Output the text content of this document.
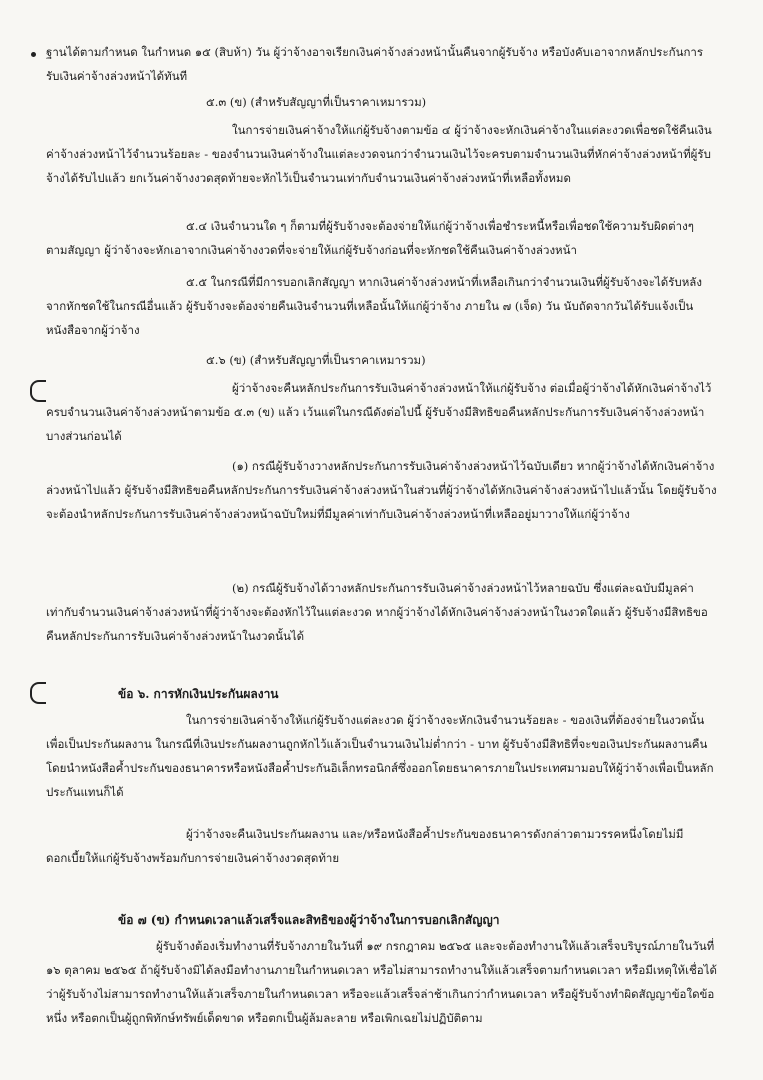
ฐานได้ตามกำหนด ในกำหนด ๑๕ (สิบห้า) วัน ผู้ว่าจ้างอาจเรียกเงินค่าจ้างล่วงหน้านั้นคืนจากผู้รับจ้าง หรือบังคับเอาจากหลักประกันการรับเงินค่าจ้างล่วงหน้าได้ทันที

๕.๓ (ข) (สำหรับสัญญาที่เป็นราคาเหมารวม)

ในการจ่ายเงินค่าจ้างให้แก่ผู้รับจ้างตามข้อ ๔ ผู้ว่าจ้างจะหักเงินค่าจ้างในแต่ละงวดเพื่อชดใช้คืนเงินค่าจ้างล่วงหน้าไว้จำนวนร้อยละ - ของจำนวนเงินค่าจ้างในแต่ละงวดจนกว่าจำนวนเงินไว้จะครบตามจำนวนเงินที่หักค่าจ้างล่วงหน้าที่ผู้รับจ้างได้รับไปแล้ว ยกเว้นค่าจ้างงวดสุดท้ายจะหักไว้เป็นจำนวนเท่ากับจำนวนเงินค่าจ้างล่วงหน้าที่เหลือทั้งหมด

๕.๔ เงินจำนวนใด ๆ ก็ตามที่ผู้รับจ้างจะต้องจ่ายให้แก่ผู้ว่าจ้างเพื่อชำระหนี้หรือเพื่อชดใช้ความรับผิดต่างๆ ตามสัญญา ผู้ว่าจ้างจะหักเอาจากเงินค่าจ้างงวดที่จะจ่ายให้แก่ผู้รับจ้างก่อนที่จะหักชดใช้คืนเงินค่าจ้างล่วงหน้า

๕.๕ ในกรณีที่มีการบอกเลิกสัญญา หากเงินค่าจ้างล่วงหน้าที่เหลือเกินกว่าจำนวนเงินที่ผู้รับจ้างจะได้รับหลังจากหักชดใช้ในกรณีอื่นแล้ว ผู้รับจ้างจะต้องจ่ายคืนเงินจำนวนที่เหลือนั้นให้แก่ผู้ว่าจ้าง ภายใน ๗ (เจ็ด) วัน นับถัดจากวันได้รับแจ้งเป็นหนังสือจากผู้ว่าจ้าง

๕.๖ (ข) (สำหรับสัญญาที่เป็นราคาเหมารวม)

ผู้ว่าจ้างจะคืนหลักประกันการรับเงินค่าจ้างล่วงหน้าให้แก่ผู้รับจ้าง ต่อเมื่อผู้ว่าจ้างได้หักเงินค่าจ้างไว้ครบจำนวนเงินค่าจ้างล่วงหน้าตามข้อ ๕.๓ (ข) แล้ว เว้นแต่ในกรณีดังต่อไปนี้ ผู้รับจ้างมีสิทธิขอคืนหลักประกันการรับเงินค่าจ้างล่วงหน้าบางส่วนก่อนได้

(๑) กรณีผู้รับจ้างวางหลักประกันการรับเงินค่าจ้างล่วงหน้าไว้ฉบับเดียว หากผู้ว่าจ้างได้หักเงินค่าจ้างล่วงหน้าไปแล้ว ผู้รับจ้างมีสิทธิขอคืนหลักประกันการรับเงินค่าจ้างล่วงหน้าในส่วนที่ผู้ว่าจ้างได้หักเงินค่าจ้างล่วงหน้าไปแล้วนั้น โดยผู้รับจ้างจะต้องนำหลักประกันการรับเงินค่าจ้างล่วงหน้าฉบับใหม่ที่มีมูลค่าเท่ากับเงินค่าจ้างล่วงหน้าที่เหลืออยู่มาวางให้แก่ผู้ว่าจ้าง

(๒) กรณีผู้รับจ้างได้วางหลักประกันการรับเงินค่าจ้างล่วงหน้าไว้หลายฉบับ ซึ่งแต่ละฉบับมีมูลค่าเท่ากับจำนวนเงินค่าจ้างล่วงหน้าที่ผู้ว่าจ้างจะต้องหักไว้ในแต่ละงวด หากผู้ว่าจ้างได้หักเงินค่าจ้างล่วงหน้าในงวดใดแล้ว ผู้รับจ้างมีสิทธิขอคืนหลักประกันการรับเงินค่าจ้างล่วงหน้าในงวดนั้นได้

ข้อ ๖. การหักเงินประกันผลงาน

ในการจ่ายเงินค่าจ้างให้แก่ผู้รับจ้างแต่ละงวด ผู้ว่าจ้างจะหักเงินจำนวนร้อยละ - ของเงินที่ต้องจ่ายในงวดนั้นเพื่อเป็นประกันผลงาน ในกรณีที่เงินประกันผลงานถูกหักไว้แล้วเป็นจำนวนเงินไม่ต่ำกว่า - บาท ผู้รับจ้างมีสิทธิที่จะขอเงินประกันผลงานคืน โดยนำหนังสือค้ำประกันของธนาคารหรือหนังสือค้ำประกันอิเล็กทรอนิกส์ซึ่งออกโดยธนาคารภายในประเทศมามอบให้ผู้ว่าจ้างเพื่อเป็นหลักประกันแทนก็ได้

ผู้ว่าจ้างจะคืนเงินประกันผลงาน และ/หรือหนังสือค้ำประกันของธนาคารดังกล่าวตามวรรคหนึ่งโดยไม่มีดอกเบี้ยให้แก่ผู้รับจ้างพร้อมกับการจ่ายเงินค่าจ้างงวดสุดท้าย

ข้อ ๗ (ข) กำหนดเวลาแล้วเสร็จและสิทธิของผู้ว่าจ้างในการบอกเลิกสัญญา

ผู้รับจ้างต้องเริ่มทำงานที่รับจ้างภายในวันที่ ๑๙ กรกฎาคม ๒๕๖๕ และจะต้องทำงานให้แล้วเสร็จบริบูรณ์ภายในวันที่ ๑๖ ตุลาคม ๒๕๖๕ ถ้าผู้รับจ้างมิได้ลงมือทำงานภายในกำหนดเวลา หรือไม่สามารถทำงานให้แล้วเสร็จตามกำหนดเวลา หรือมีเหตุให้เชื่อได้ว่าผู้รับจ้างไม่สามารถทำงานให้แล้วเสร็จภายในกำหนดเวลา หรือจะแล้วเสร็จล่าช้าเกินกว่ากำหนดเวลา หรือผู้รับจ้างทำผิดสัญญาข้อใดข้อหนึ่ง หรือตกเป็นผู้ถูกพิทักษ์ทรัพย์เด็ดขาด หรือตกเป็นผู้ล้มละลาย หรือเพิกเฉยไม่ปฏิบัติตาม
